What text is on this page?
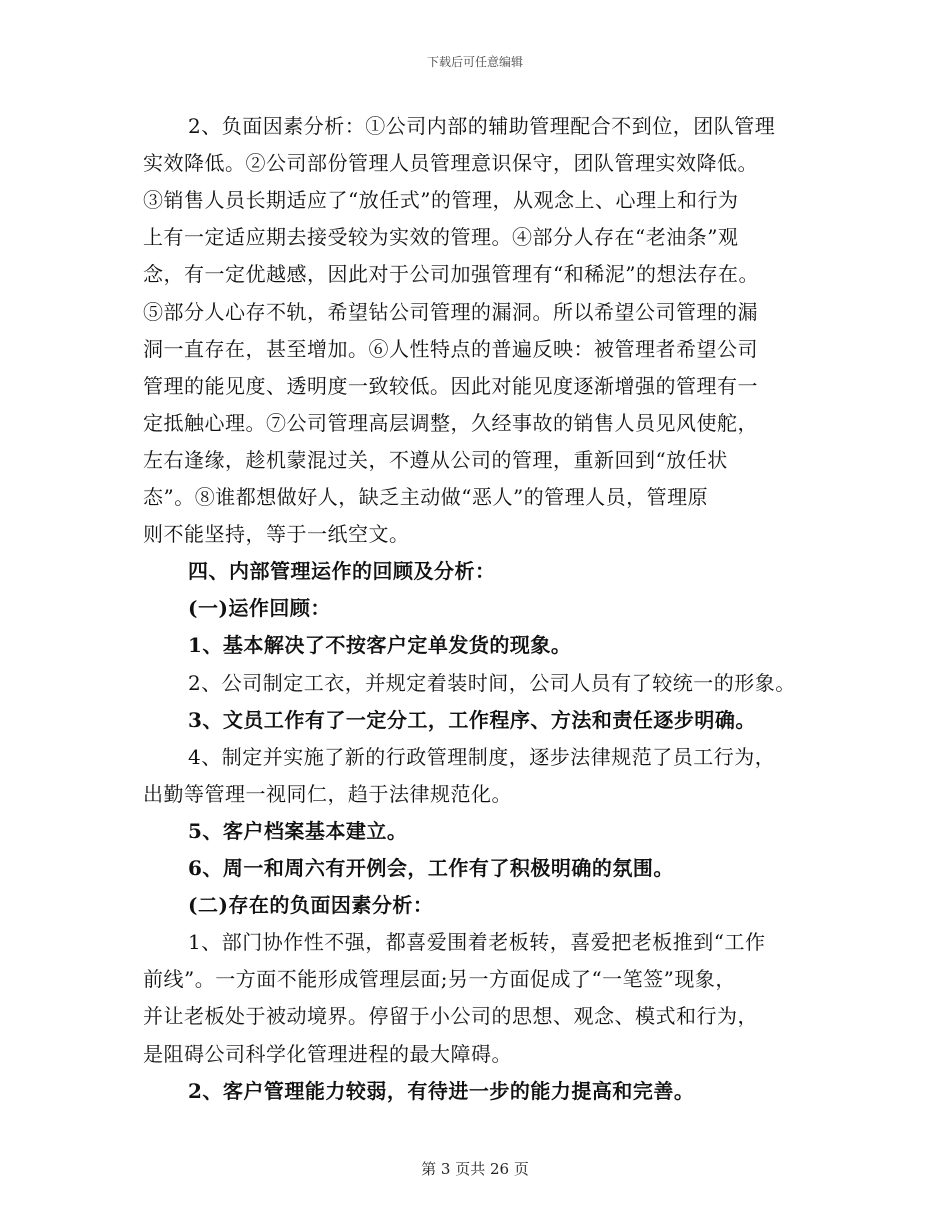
下载后可任意编辑
2、负面因素分析：①公司内部的辅助管理配合不到位，团队管理
实效降低。②公司部份管理人员管理意识保守，团队管理实效降低。
③销售人员长期适应了“放任式”的管理，从观念上、心理上和行为
上有一定适应期去接受较为实效的管理。④部分人存在“老油条”观
念，有一定优越感，因此对于公司加强管理有“和稀泥”的想法存在。
⑤部分人心存不轨，希望钻公司管理的漏洞。所以希望公司管理的漏
洞一直存在，甚至增加。⑥人性特点的普遍反映：被管理者希望公司
管理的能见度、透明度一致较低。因此对能见度逐渐增强的管理有一
定抵触心理。⑦公司管理高层调整，久经事故的销售人员见风使舵，
左右逢缘，趁机蒙混过关，不遵从公司的管理，重新回到“放任状
态”。⑧谁都想做好人，缺乏主动做“恶人”的管理人员，管理原
则不能坚持，等于一纸空文。
四、内部管理运作的回顾及分析：
(一)运作回顾：
1、基本解决了不按客户定单发货的现象。
2、公司制定工衣，并规定着装时间，公司人员有了较统一的形象。
3、文员工作有了一定分工，工作程序、方法和责任逐步明确。
4、制定并实施了新的行政管理制度，逐步法律规范了员工行为，
出勤等管理一视同仁，趋于法律规范化。
5、客户档案基本建立。
6、周一和周六有开例会，工作有了积极明确的氛围。
(二)存在的负面因素分析：
1、部门协作性不强，都喜爱围着老板转，喜爱把老板推到“工作
前线”。一方面不能形成管理层面;另一方面促成了“一笔签”现象，
并让老板处于被动境界。停留于小公司的思想、观念、模式和行为，
是阻碍公司科学化管理进程的最大障碍。
2、客户管理能力较弱，有待进一步的能力提高和完善。
第 3 页共 26 页
